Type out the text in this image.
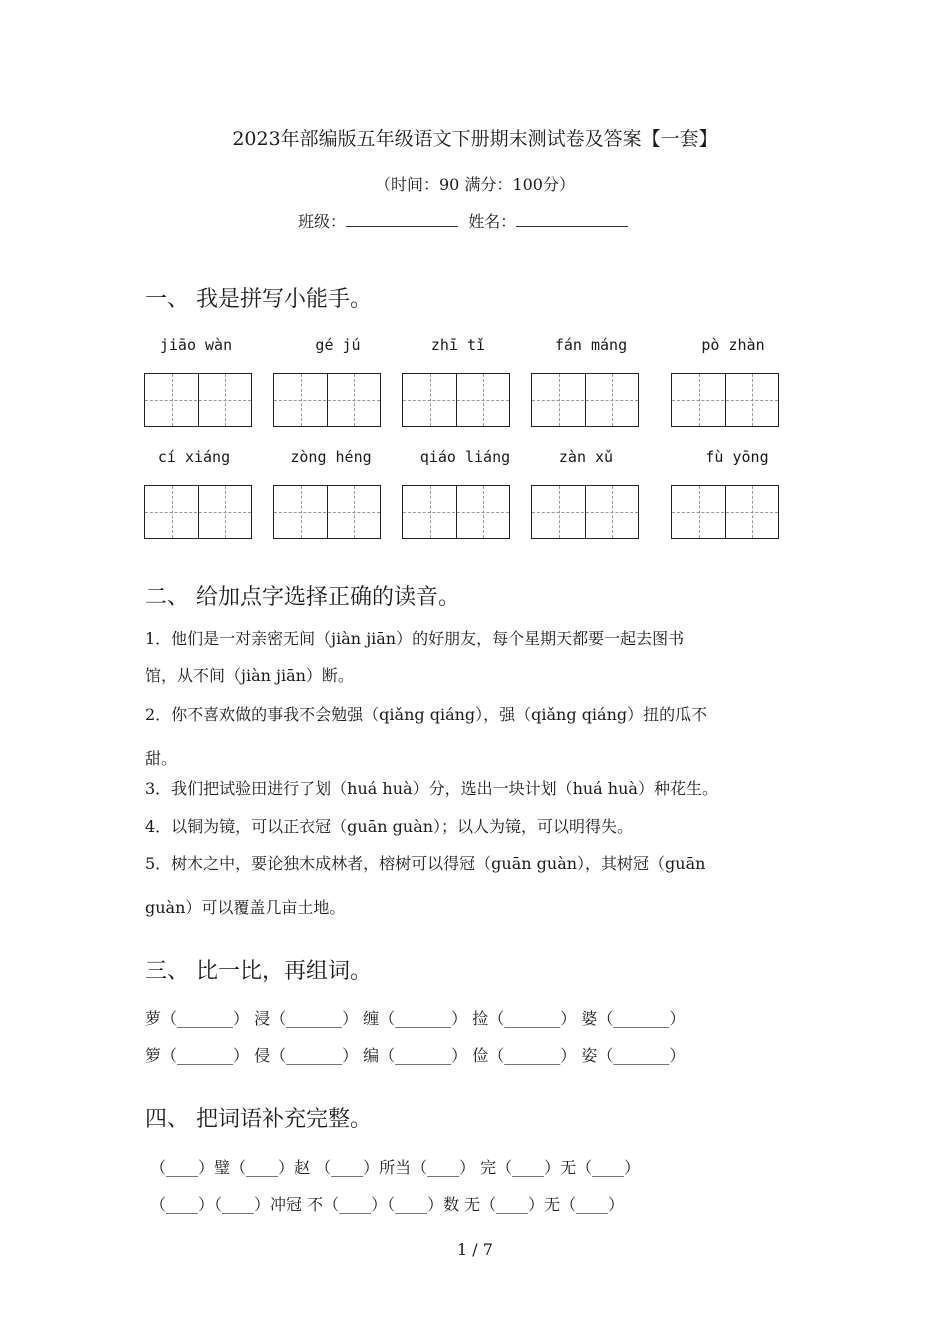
2023年部编版五年级语文下册期末测试卷及答案【一套】
（时间：90 满分：100分）
班级：	姓名：
一、 我是拼写小能手。
jiāo wàn	gé jú	zhī tǐ	fán máng	pò zhàn
cí xiáng	zòng héng	qiáo liáng	zàn xǔ	fù yōng
二、 给加点字选择正确的读音。
1．他们是一对亲密无间（jiàn jiān）的好朋友，每个星期天都要一起去图书
馆，从不间（jiàn jiān）断。
2．你不喜欢做的事我不会勉强（qiǎng qiáng），强（qiǎng qiáng）扭的瓜不
甜。
3．我们把试验田进行了划（huá huà）分，选出一块计划（huá huà）种花生。
4．以铜为镜，可以正衣冠（guān guàn）；以人为镜，可以明得失。
5．树木之中，要论独木成林者，榕树可以得冠（guān guàn），其树冠（guān
guàn）可以覆盖几亩土地。
三、 比一比，再组词。
萝（_______） 浸（_______） 缠（_______） 捡（_______） 婆（_______）
箩（_______） 侵（_______） 编（_______） 俭（_______） 姿（_______）
四、 把词语补充完整。
（____）璧（____）赵 （____）所当（____） 完（____）无（____）
（____）（____）冲冠 不（____）（____）数 无（____）无（____）
1 / 7
